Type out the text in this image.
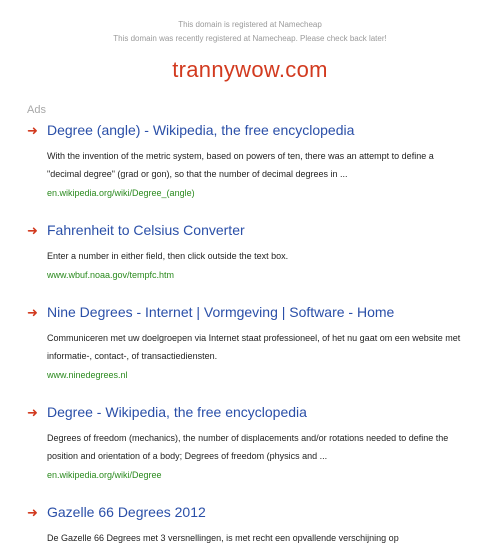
This domain is registered at Namecheap
This domain was recently registered at Namecheap. Please check back later!
trannywow.com
Ads
➜ Degree (angle) - Wikipedia, the free encyclopedia
With the invention of the metric system, based on powers of ten, there was an attempt to define a "decimal degree" (grad or gon), so that the number of decimal degrees in ...
en.wikipedia.org/wiki/Degree_(angle)
➜ Fahrenheit to Celsius Converter
Enter a number in either field, then click outside the text box.
www.wbuf.noaa.gov/tempfc.htm
➜ Nine Degrees - Internet | Vormgeving | Software - Home
Communiceren met uw doelgroepen via Internet staat professioneel, of het nu gaat om een website met informatie-, contact-, of transactiediensten.
www.ninedegrees.nl
➜ Degree - Wikipedia, the free encyclopedia
Degrees of freedom (mechanics), the number of displacements and/or rotations needed to define the position and orientation of a body; Degrees of freedom (physics and ...
en.wikipedia.org/wiki/Degree
➜ Gazelle 66 Degrees 2012
De Gazelle 66 Degrees met 3 versnellingen, is met recht een opvallende verschijning op
